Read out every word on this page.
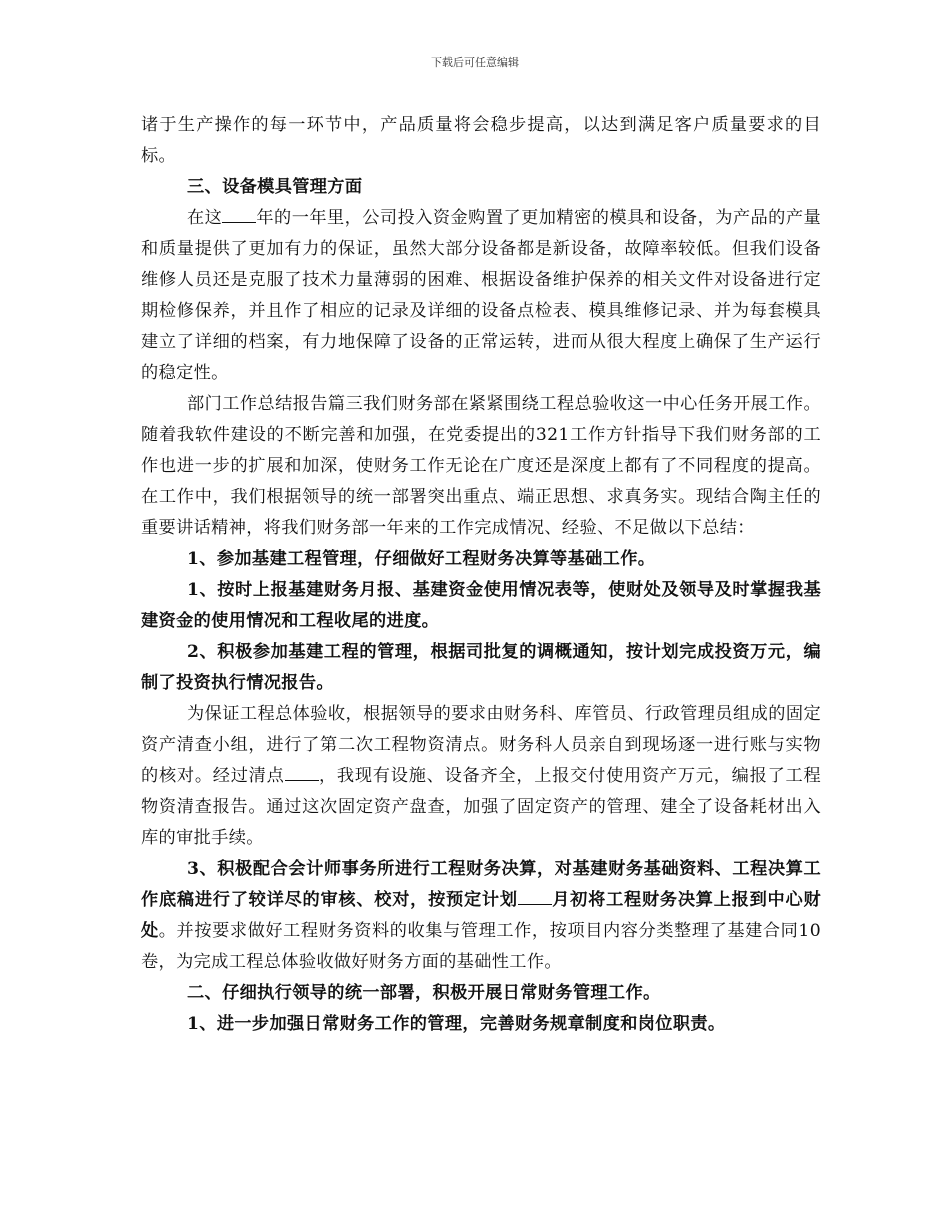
下载后可任意编辑

诸于生产操作的每一环节中，产品质量将会稳步提高，以达到满足客户质量要求的目标。

三、设备模具管理方面

在这 年的一年里，公司投入资金购置了更加精密的模具和设备，为产品的产量和质量提供了更加有力的保证，虽然大部分设备都是新设备，故障率较低。但我们设备维修人员还是克服了技术力量薄弱的困难、根据设备维护保养的相关文件对设备进行定期检修保养，并且作了相应的记录及详细的设备点检表、模具维修记录、并为每套模具建立了详细的档案，有力地保障了设备的正常运转，进而从很大程度上确保了生产运行的稳定性。

部门工作总结报告篇三我们财务部在紧紧围绕工程总验收这一中心任务开展工作。随着我软件建设的不断完善和加强，在党委提出的321工作方针指导下我们财务部的工作也进一步的扩展和加深，使财务工作无论在广度还是深度上都有了不同程度的提高。在工作中，我们根据领导的统一部署突出重点、端正思想、求真务实。现结合陶主任的重要讲话精神，将我们财务部一年来的工作完成情况、经验、不足做以下总结：

1、参加基建工程管理，仔细做好工程财务决算等基础工作。

1、按时上报基建财务月报、基建资金使用情况表等，使财处及领导及时掌握我基建资金的使用情况和工程收尾的进度。

2、积极参加基建工程的管理，根据司批复的调概通知，按计划完成投资万元，编制了投资执行情况报告。

为保证工程总体验收，根据领导的要求由财务科、库管员、行政管理员组成的固定资产清查小组，进行了第二次工程物资清点。财务科人员亲自到现场逐一进行账与实物的核对。经过清点 ，我现有设施、设备齐全，上报交付使用资产万元，编报了工程物资清查报告。通过这次固定资产盘查，加强了固定资产的管理、建全了设备耗材出入库的审批手续。

3、积极配合会计师事务所进行工程财务决算，对基建财务基础资料、工程决算工作底稿进行了较详尽的审核、校对，按预定计划 月初将工程财务决算上报到中心财处。并按要求做好工程财务资料的收集与管理工作，按项目内容分类整理了基建合同10卷，为完成工程总体验收做好财务方面的基础性工作。

二、仔细执行领导的统一部署，积极开展日常财务管理工作。

1、进一步加强日常财务工作的管理，完善财务规章制度和岗位职责。
